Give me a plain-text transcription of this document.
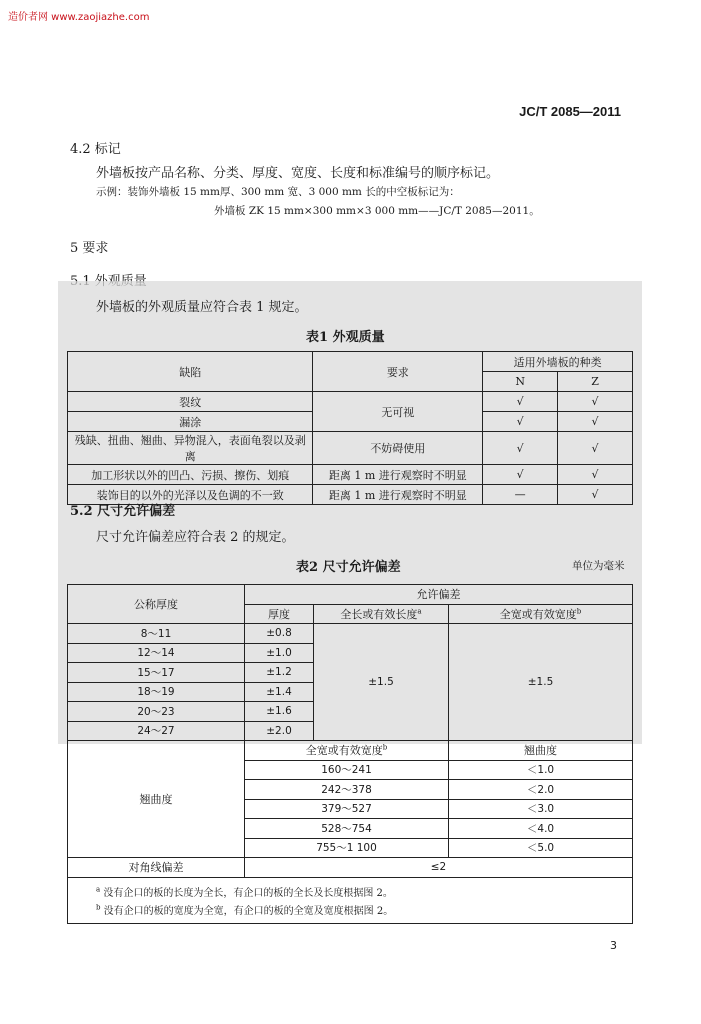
造价者网 www.zaojiazhe.com
JC/T 2085—2011
4.2 标记
外墙板按产品名称、分类、厚度、宽度、长度和标准编号的顺序标记。
示例：装饰外墙板 15 mm厚、300 mm 宽、3 000 mm 长的中空板标记为：
外墙板 ZK 15 mm×300 mm×3 000 mm——JC/T 2085—2011。
5 要求
外墙板的外观质量应符合表 1 规定。
表1 外观质量
缺陷	要求	适用外墙板的种类	
		N	Z
裂纹	无可视	√	√
漏涂		√	√
残缺、扭曲、翘曲、异物混入，表面龟裂以及剥离	不妨碍使用	√	√
加工形状以外的凹凸、污损、擦伤、划痕	距离 1 m 进行观察时不明显	√	√
装饰目的以外的光泽以及色调的不一致	距离 1 m 进行观察时不明显	—	√
5.2 尺寸允许偏差
尺寸允许偏差应符合表 2 的规定。
表2 尺寸允许偏差	单位为毫米
公称厚度	允许偏差		
	厚度	全长或有效长度$^a$	全宽或有效宽度$^b$
8～11	±0.8	±1.5	±1.5
12～14	±1.0		
15～17	±1.2		
18～19	±1.4		
20～23	±1.6		
24～27	±2.0		
翘曲度	全宽或有效宽度$^b$		翘曲度
	160～241		＜1.0
	242～378		＜2.0
	379～527		＜3.0
	528～754		＜4.0
	755～1 100		＜5.0
对角线偏差	≤2		

$^a$ 没有企口的板的长度为全长，有企口的板的全长及长度根据图 2。
$^b$ 没有企口的板的宽度为全宽，有企口的板的全宽及宽度根据图 2。			
3
